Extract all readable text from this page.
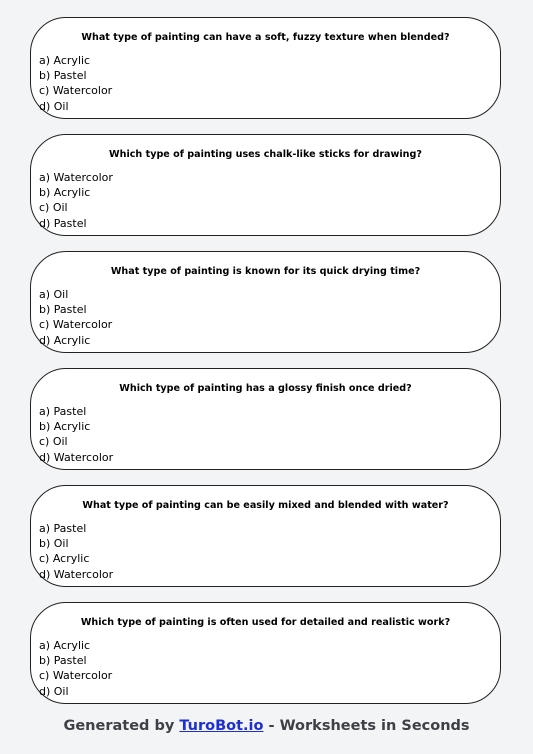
What type of painting can have a soft, fuzzy texture when blended?
a) Acrylic
b) Pastel
c) Watercolor
d) Oil
Which type of painting uses chalk-like sticks for drawing?
a) Watercolor
b) Acrylic
c) Oil
d) Pastel
What type of painting is known for its quick drying time?
a) Oil
b) Pastel
c) Watercolor
d) Acrylic
Which type of painting has a glossy finish once dried?
a) Pastel
b) Acrylic
c) Oil
d) Watercolor
What type of painting can be easily mixed and blended with water?
a) Pastel
b) Oil
c) Acrylic
d) Watercolor
Which type of painting is often used for detailed and realistic work?
a) Acrylic
b) Pastel
c) Watercolor
d) Oil
Generated by TuroBot.io - Worksheets in Seconds
